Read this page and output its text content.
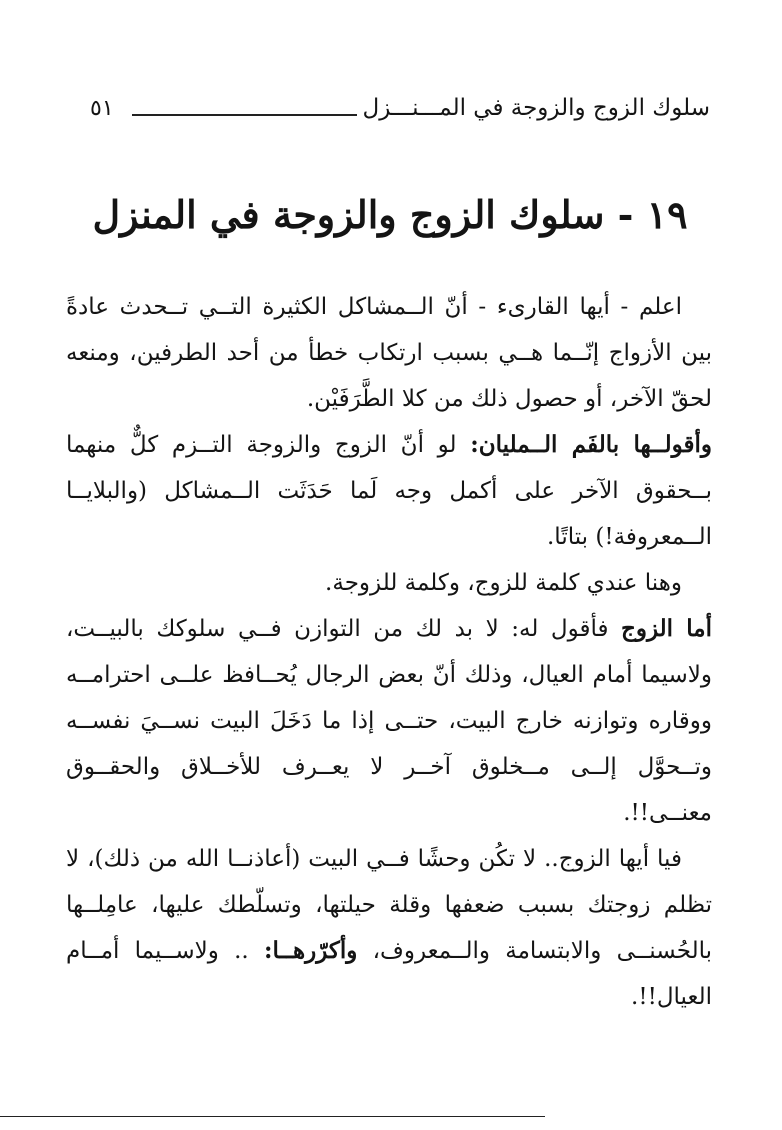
سلوك الزوج والزوجة في المـــنـــزل
٥١
١٩ - سلوك الزوج والزوجة في المنزل

اعلم - أيها القارىء - أنّ الــمشاكل الكثيرة التــي تــحدث عادةً بين الأزواج إنّــما هــي بسبب ارتكاب خطأ من أحد الطرفين، ومنعه لحقّ الآخر، أو حصول ذلك من كلا الطَّرَفَيْن.

وأقولــها بالفَم الــمليان: لو أنّ الزوج والزوجة التــزم كلٌّ منهما بــحقوق الآخر على أكمل وجه لَما حَدَثَت الــمشاكل (والبلايــا الــمعروفة!) بتاتًا.

وهنا عندي كلمة للزوج، وكلمة للزوجة.

أما الزوج فأقول له: لا بد لك من التوازن فــي سلوكك بالبيــت، ولاسيما أمام العيال، وذلك أنّ بعض الرجال يُحــافظ علــى احترامــه ووقاره وتوازنه خارج البيت، حتــى إذا ما دَخَلَ البيت نســيَ نفســه وتــحوَّل إلــى مــخلوق آخــر لا يعــرف للأخــلاق والحقــوق معنــى!!.

فيا أيها الزوج.. لا تكُن وحشًا فــي البيت (أعاذنــا الله من ذلك)، لا تظلم زوجتك بسبب ضعفها وقلة حيلتها، وتسلّطك عليها، عامِلــها بالحُسنــى والابتسامة والــمعروف، وأكرّرهــا: .. ولاســيما أمــام العيال!!.
